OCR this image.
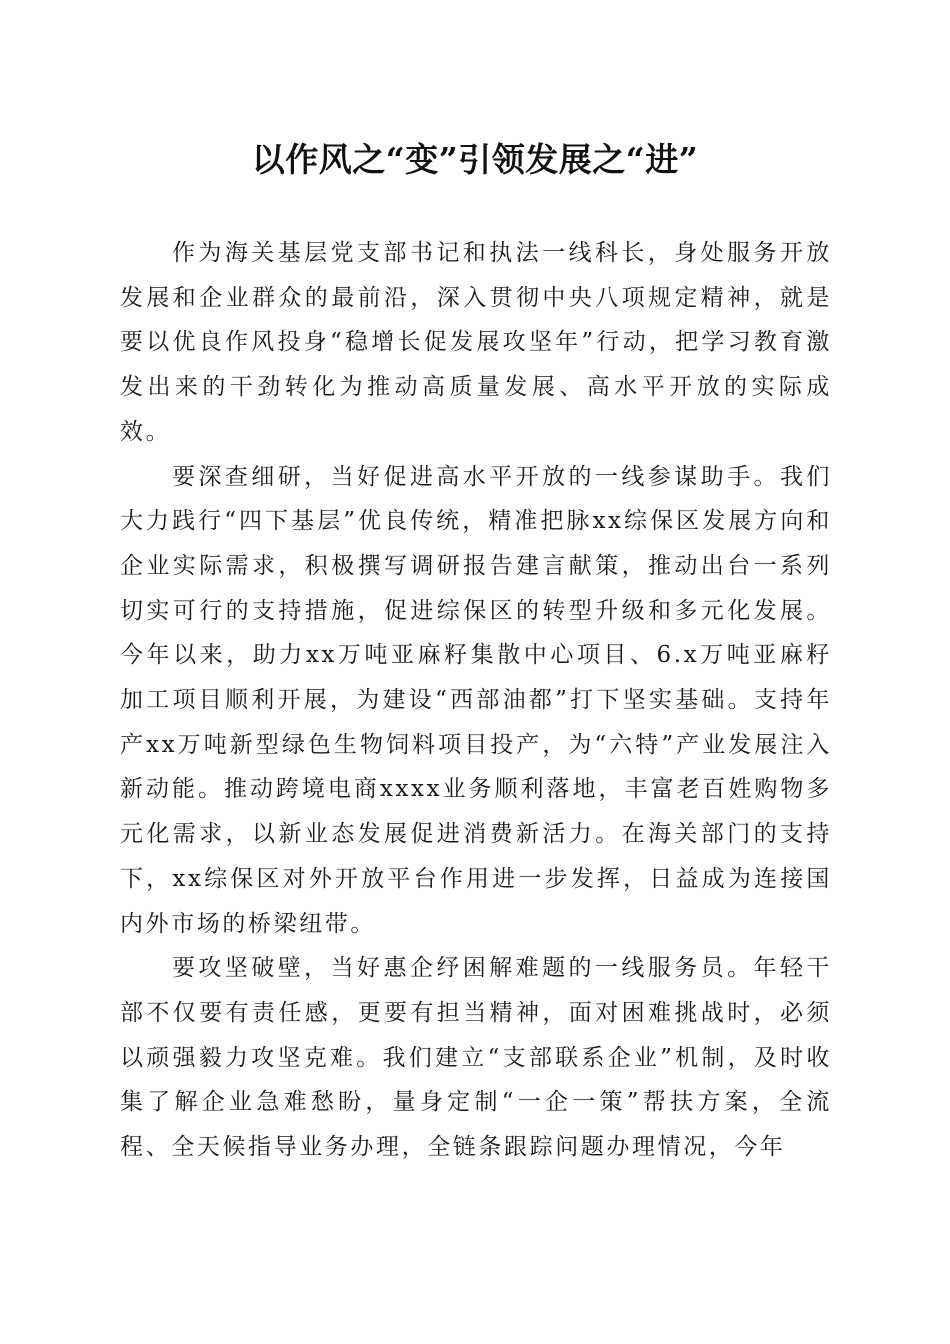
以作风之“变”引领发展之“进”

作为海关基层党支部书记和执法一线科长，身处服务开放发展和企业群众的最前沿，深入贯彻中央八项规定精神，就是要以优良作风投身“稳增长促发展攻坚年”行动，把学习教育激发出来的干劲转化为推动高质量发展、高水平开放的实际成效。

要深查细研，当好促进高水平开放的一线参谋助手。我们大力践行“四下基层”优良传统，精准把脉xx综保区发展方向和企业实际需求，积极撰写调研报告建言献策，推动出台一系列切实可行的支持措施，促进综保区的转型升级和多元化发展。今年以来，助力xx万吨亚麻籽集散中心项目、6.x万吨亚麻籽加工项目顺利开展，为建设“西部油都”打下坚实基础。支持年产xx万吨新型绿色生物饲料项目投产，为“六特”产业发展注入新动能。推动跨境电商xxxx业务顺利落地，丰富老百姓购物多元化需求，以新业态发展促进消费新活力。在海关部门的支持下，xx综保区对外开放平台作用进一步发挥，日益成为连接国内外市场的桥梁纽带。

要攻坚破壁，当好惠企纾困解难题的一线服务员。年轻干部不仅要有责任感，更要有担当精神，面对困难挑战时，必须以顽强毅力攻坚克难。我们建立“支部联系企业”机制，及时收集了解企业急难愁盼，量身定制“一企一策”帮扶方案，全流程、全天候指导业务办理，全链条跟踪问题办理情况，今年
